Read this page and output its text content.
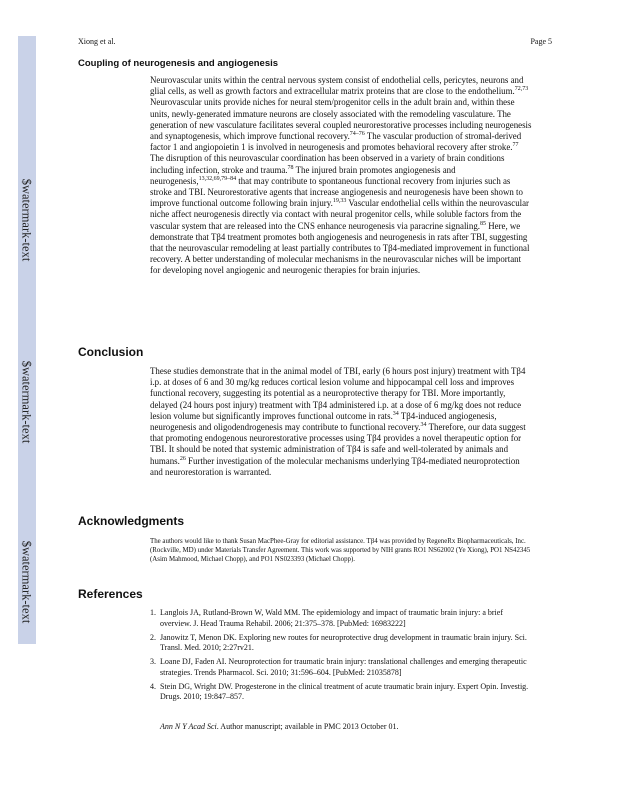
$watermark-text
$watermark-text
$watermark-text
Xiong et al.	Page 5
Coupling of neurogenesis and angiogenesis
Neurovascular units within the central nervous system consist of endothelial cells, pericytes, neurons and glial cells, as well as growth factors and extracellular matrix proteins that are close to the endothelium.$^{72,73}$ Neurovascular units provide niches for neural stem/progenitor cells in the adult brain and, within these units, newly-generated immature neurons are closely associated with the remodeling vasculature. The generation of new vasculature facilitates several coupled neurorestorative processes including neurogenesis and synaptogenesis, which improve functional recovery.$^{74-76}$ The vascular production of stromal-derived factor 1 and angiopoietin 1 is involved in neurogenesis and promotes behavioral recovery after stroke.$^{77}$ The disruption of this neurovascular coordination has been observed in a variety of brain conditions including infection, stroke and trauma.$^{78}$ The injured brain promotes angiogenesis and neurogenesis,$^{13,32,69,79-84}$ that may contribute to spontaneous functional recovery from injuries such as stroke and TBI. Neurorestorative agents that increase angiogenesis and neurogenesis have been shown to improve functional outcome following brain injury.$^{19,33}$ Vascular endothelial cells within the neurovascular niche affect neurogenesis directly via contact with neural progenitor cells, while soluble factors from the vascular system that are released into the CNS enhance neurogenesis via paracrine signaling.$^{85}$ Here, we demonstrate that Tβ4 treatment promotes both angiogenesis and neurogenesis in rats after TBI, suggesting that the neurovascular remodeling at least partially contributes to Tβ4-mediated improvement in functional recovery. A better understanding of molecular mechanisms in the neurovascular niches will be important for developing novel angiogenic and neurogenic therapies for brain injuries.
Conclusion
These studies demonstrate that in the animal model of TBI, early (6 hours post injury) treatment with Tβ4 i.p. at doses of 6 and 30 mg/kg reduces cortical lesion volume and hippocampal cell loss and improves functional recovery, suggesting its potential as a neuroprotective therapy for TBI. More importantly, delayed (24 hours post injury) treatment with Tβ4 administered i.p. at a dose of 6 mg/kg does not reduce lesion volume but significantly improves functional outcome in rats.$^{34}$ Tβ4-induced angiogenesis, neurogenesis and oligodendrogenesis may contribute to functional recovery.$^{34}$ Therefore, our data suggest that promoting endogenous neurorestorative processes using Tβ4 provides a novel therapeutic option for TBI. It should be noted that systemic administration of Tβ4 is safe and well-tolerated by animals and humans.$^{26}$ Further investigation of the molecular mechanisms underlying Tβ4-mediated neuroprotection and neurorestoration is warranted.
Acknowledgments
The authors would like to thank Susan MacPhee-Gray for editorial assistance. Tβ4 was provided by RegeneRx Biopharmaceuticals, Inc. (Rockville, MD) under Materials Transfer Agreement. This work was supported by NIH grants RO1 NS62002 (Ye Xiong), PO1 NS42345 (Asim Mahmood, Michael Chopp), and PO1 NS023393 (Michael Chopp).
References
1. Langlois JA, Rutland-Brown W, Wald MM. The epidemiology and impact of traumatic brain injury: a brief overview. J. Head Trauma Rehabil. 2006; 21:375–378. [PubMed: 16983222]
2. Janowitz T, Menon DK. Exploring new routes for neuroprotective drug development in traumatic brain injury. Sci. Transl. Med. 2010; 2:27rv21.
3. Loane DJ, Faden AI. Neuroprotection for traumatic brain injury: translational challenges and emerging therapeutic strategies. Trends Pharmacol. Sci. 2010; 31:596–604. [PubMed: 21035878]
4. Stein DG, Wright DW. Progesterone in the clinical treatment of acute traumatic brain injury. Expert Opin. Investig. Drugs. 2010; 19:847–857.
Ann N Y Acad Sci. Author manuscript; available in PMC 2013 October 01.
